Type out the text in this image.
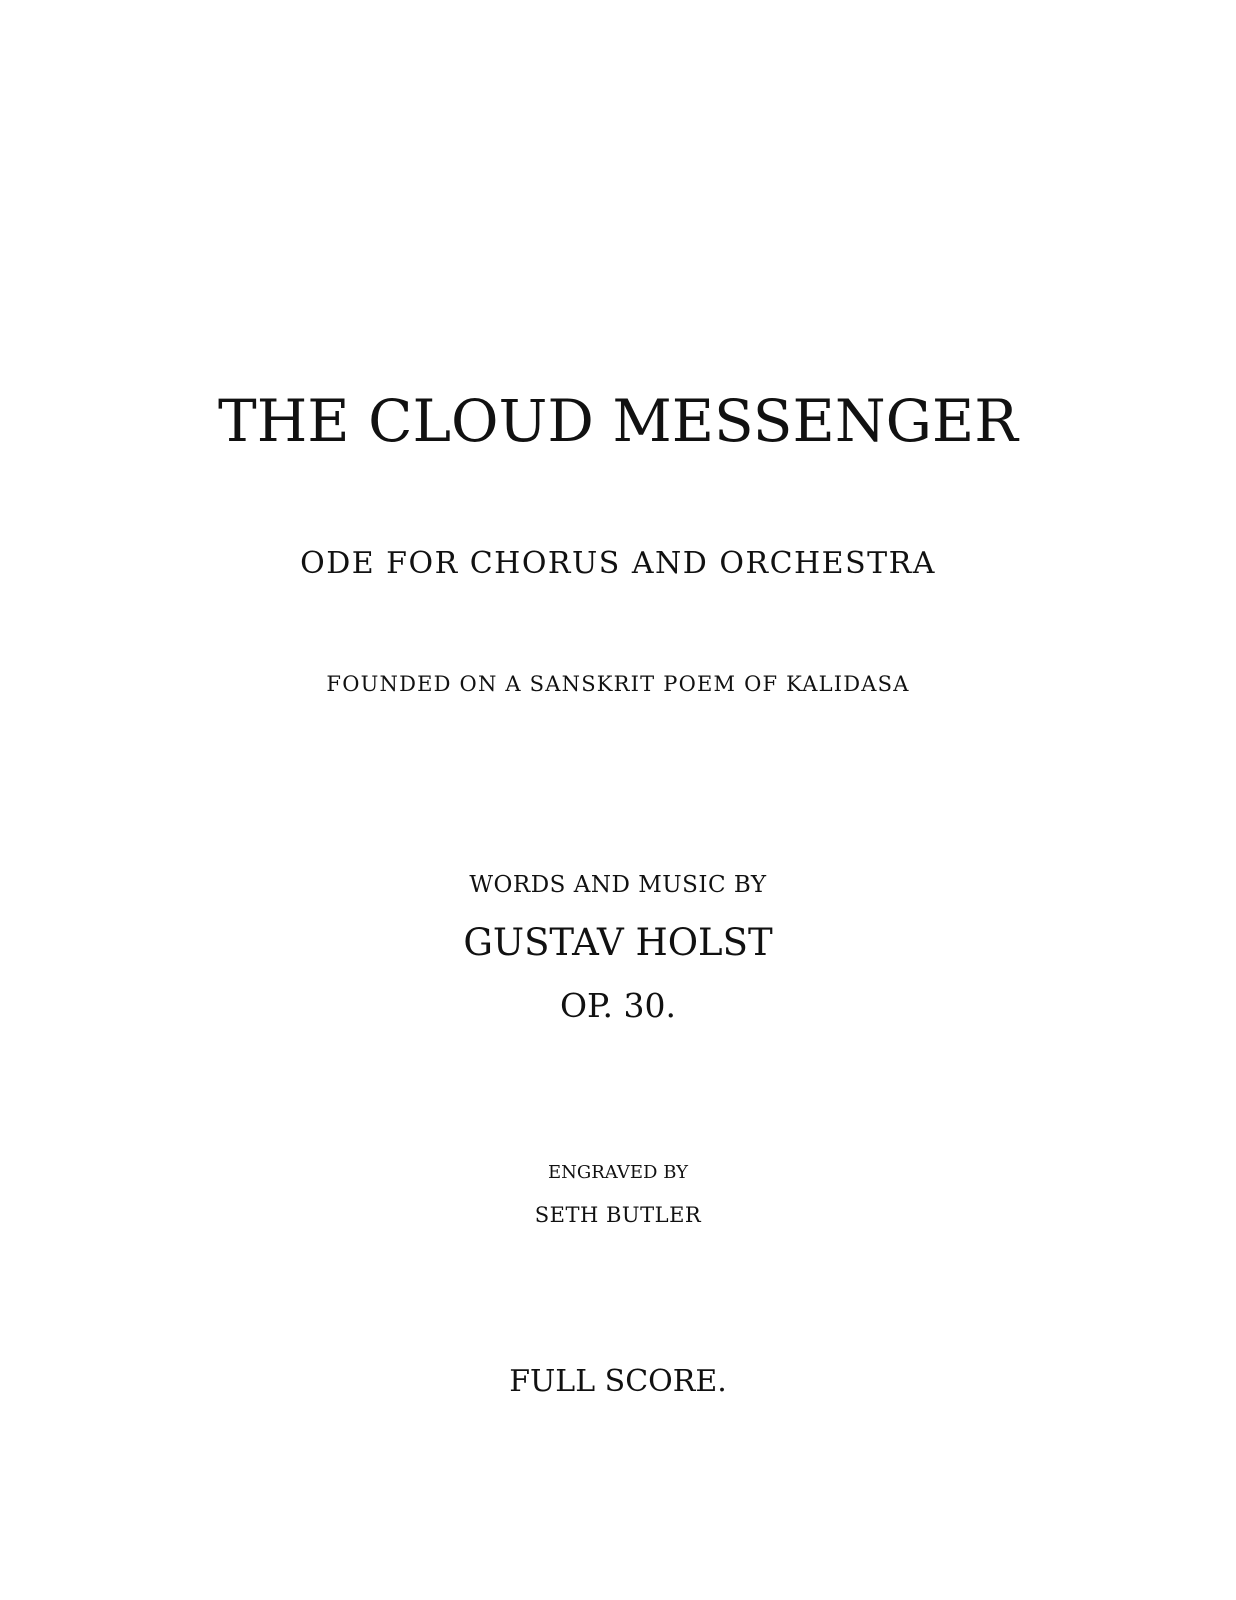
THE CLOUD MESSENGER
ODE FOR CHORUS AND ORCHESTRA
FOUNDED ON A SANSKRIT POEM OF KALIDASA
WORDS AND MUSIC BY
GUSTAV HOLST
OP. 30.
ENGRAVED BY
SETH BUTLER
FULL SCORE.
